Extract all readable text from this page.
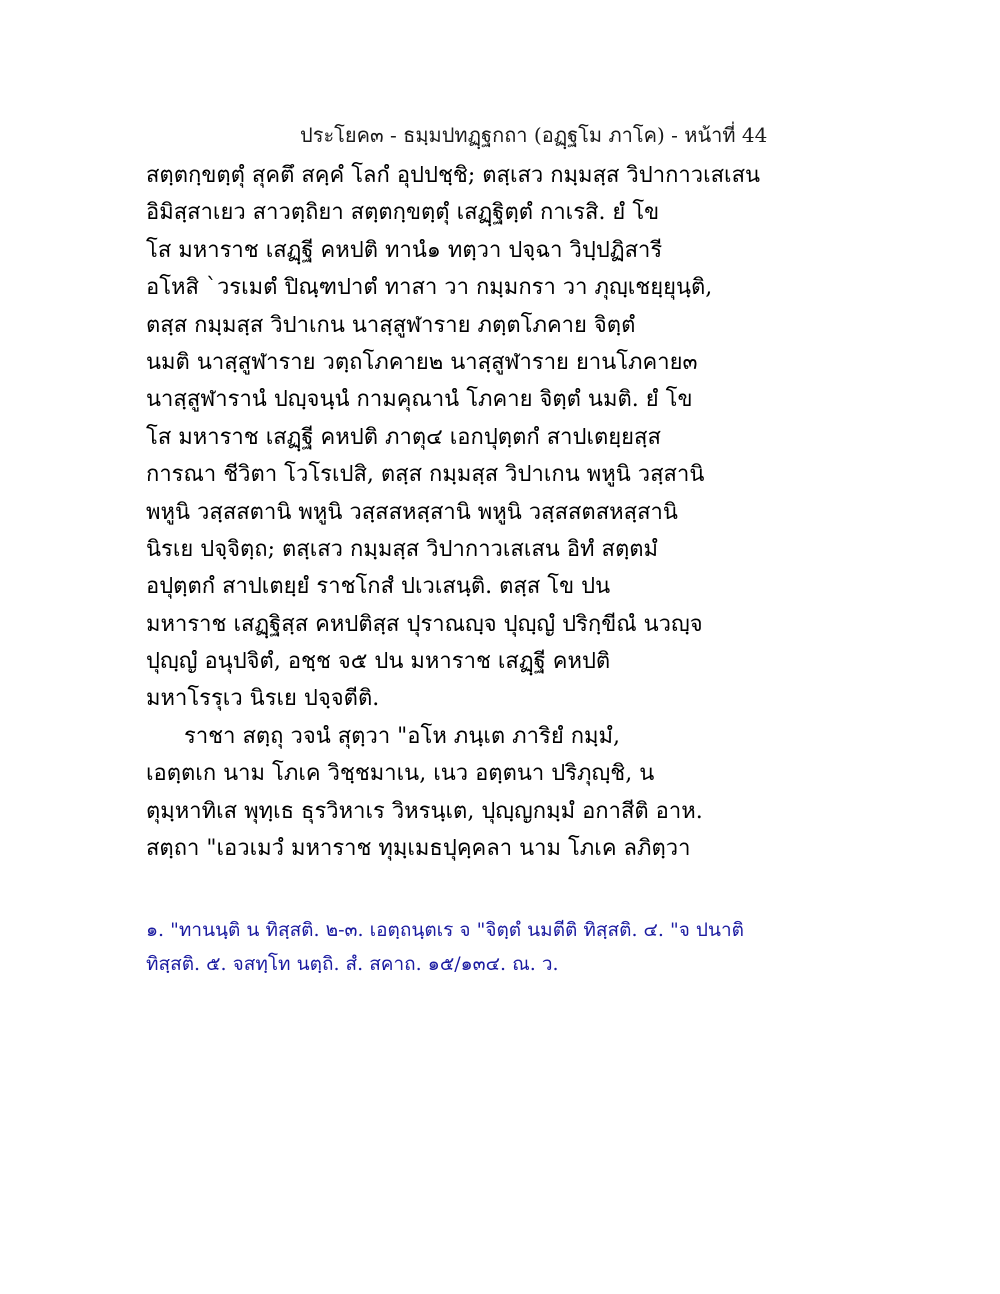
ประโยค๓ - ธมฺมปทฏฺฐกถา (อฏฺฐโม ภาโค) - หน้าที่ 44
สตฺตกฺขตฺตุํ สุคตึ สคฺคํ โลกํ อุปปชฺชิ; ตสฺเสว กมฺมสฺส วิปากาวเสเสน
อิมิสฺสาเยว สาวตฺถิยา สตฺตกฺขตฺตุํ เสฏฺฐิตฺตํ กาเรสิ. ยํ โข
โส มหาราช เสฏฺฐี คหปติ ทานํ๑ ทตฺวา ปจฺฉา วิปฺปฏิสารี
อโหสิ `วรเมตํ ปิณฺฑปาตํ ทาสา วา กมฺมกรา วา ภุญฺเชยฺยุนฺติ,
ตสฺส กมฺมสฺส วิปาเกน นาสฺสูฬาราย ภตฺตโภคาย จิตฺตํ
นมติ นาสฺสูฬาราย วตฺถโภคาย๒ นาสฺสูฬาราย ยานโภคาย๓
นาสฺสูฬารานํ ปญฺจนฺนํ กามคุณานํ โภคาย จิตฺตํ นมติ. ยํ โข
โส มหาราช เสฏฺฐี คหปติ ภาตุ๔ เอกปุตฺตกํ สาปเตยฺยสฺส
การณา ชีวิตา โวโรเปสิ, ตสฺส กมฺมสฺส วิปาเกน พหูนิ วสฺสานิ
พหูนิ วสฺสสตานิ พหูนิ วสฺสสหสฺสานิ พหูนิ วสฺสสตสหสฺสานิ
นิรเย ปจฺจิตฺถ; ตสฺเสว กมฺมสฺส วิปากาวเสเสน อิทํ สตฺตมํ
อปุตฺตกํ สาปเตยฺยํ ราชโกสํ ปเวเสนฺติ. ตสฺส โข ปน
มหาราช เสฏฺฐิสฺส คหปติสฺส ปุราณญฺจ ปุญฺญํ ปริกฺขีณํ นวญฺจ
ปุญฺญํ อนุปจิตํ, อชฺช จ๕ ปน มหาราช เสฏฺฐี คหปติ
มหาโรรุเว นิรเย ปจฺจตีติ.
ราชา สตฺถุ วจนํ สุตฺวา "อโห ภนฺเต ภาริยํ กมฺมํ,
เอตฺตเก นาม โภเค วิชฺชมาเน, เนว อตฺตนา ปริภุญฺชิ, น
ตุมฺหาทิเส พุทฺเธ ธุรวิหาเร วิหรนฺเต, ปุญฺญกมฺมํ อกาสีติ อาห.
สตฺถา "เอวเมวํ มหาราช ทุมฺเมธปุคฺคลา นาม โภเค ลภิตฺวา
๑. "ทานนฺติ น ทิสฺสติ. ๒-๓. เอตฺถนฺตเร จ "จิตฺตํ นมตีติ ทิสฺสติ. ๔. "จ ปนาติ
ทิสฺสติ. ๕. จสทฺโท นตฺถิ. สํ. สคาถ. ๑๕/๑๓๔. ณ. ว.
